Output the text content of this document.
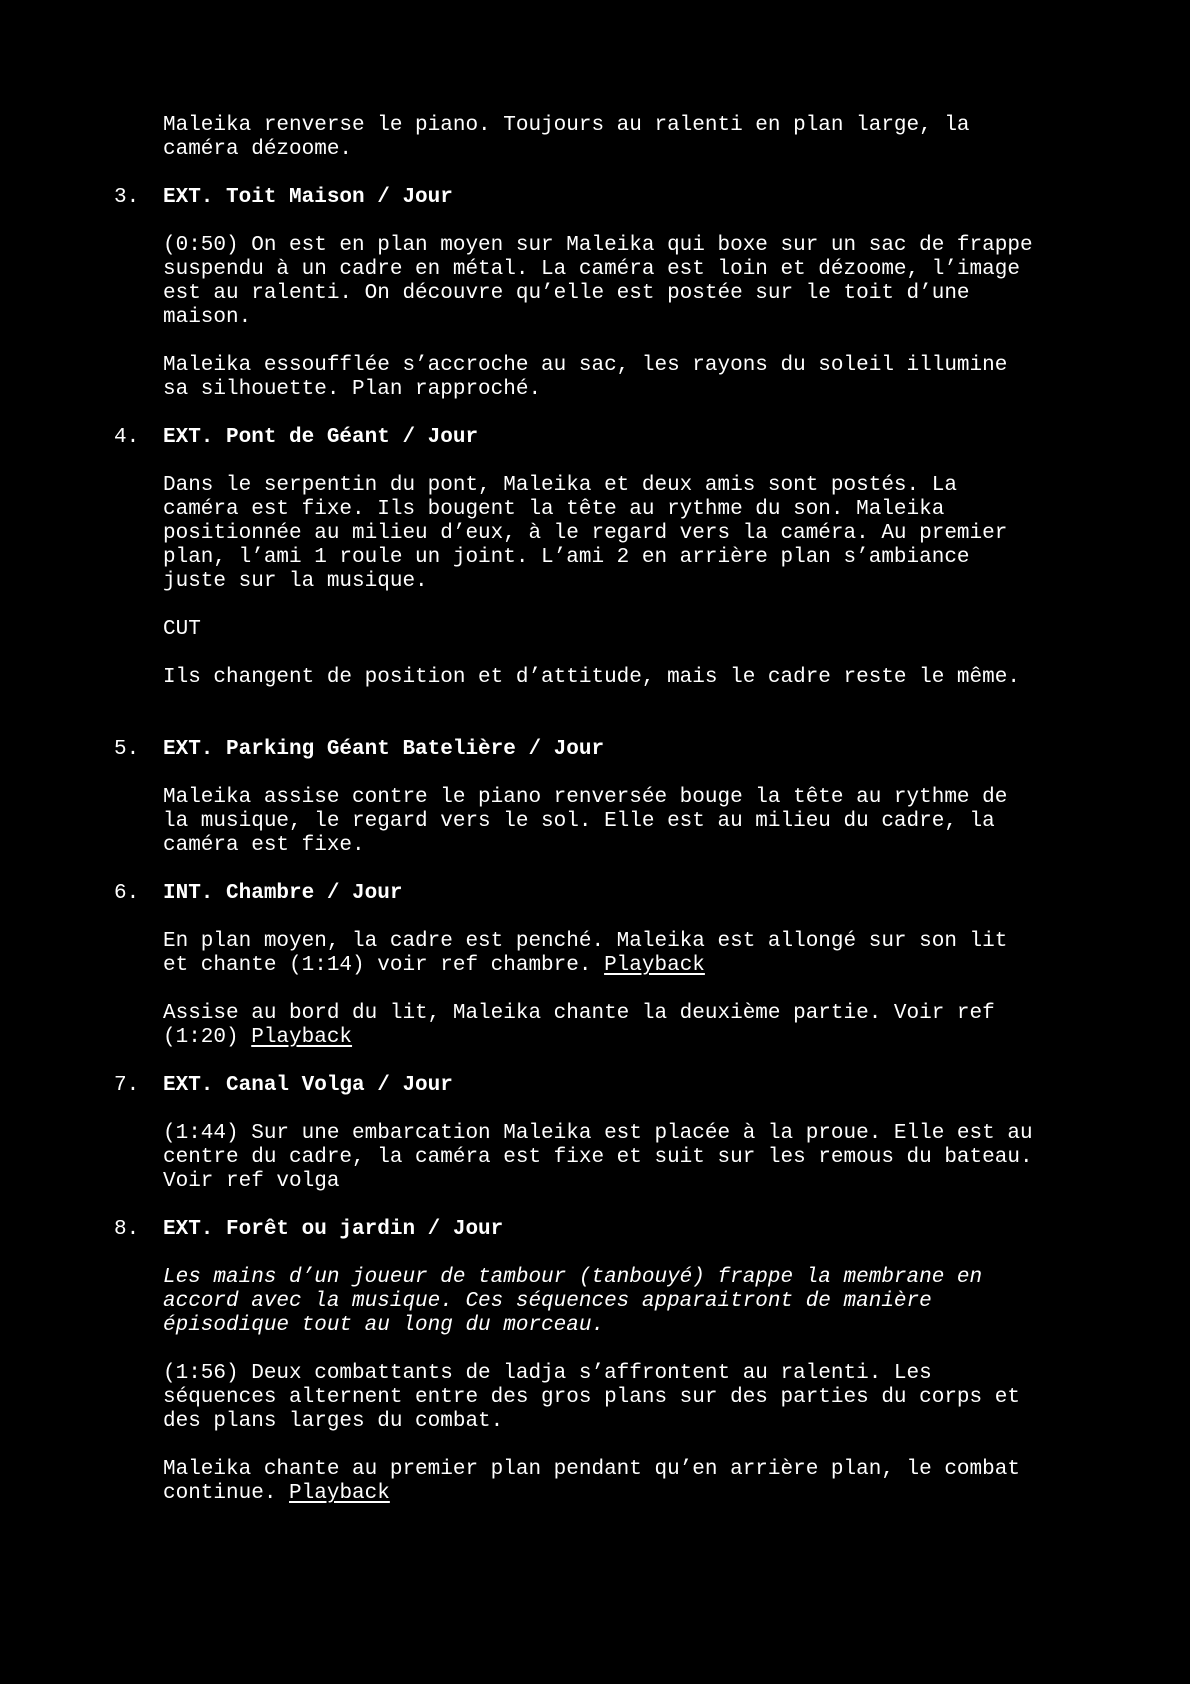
Maleika renverse le piano. Toujours au ralenti en plan large, la
caméra dézoome.

3. EXT. Toit Maison / Jour

(0:50) On est en plan moyen sur Maleika qui boxe sur un sac de frappe
suspendu à un cadre en métal. La caméra est loin et dézoome, l’image
est au ralenti. On découvre qu’elle est postée sur le toit d’une
maison.

Maleika essoufflée s’accroche au sac, les rayons du soleil illumine
sa silhouette. Plan rapproché.

4. EXT. Pont de Géant / Jour

Dans le serpentin du pont, Maleika et deux amis sont postés. La
caméra est fixe. Ils bougent la tête au rythme du son. Maleika
positionnée au milieu d’eux, à le regard vers la caméra. Au premier
plan, l’ami 1 roule un joint. L’ami 2 en arrière plan s’ambiance
juste sur la musique.

CUT

Ils changent de position et d’attitude, mais le cadre reste le même.

5. EXT. Parking Géant Batelière / Jour

Maleika assise contre le piano renversée bouge la tête au rythme de
la musique, le regard vers le sol. Elle est au milieu du cadre, la
caméra est fixe.

6. INT. Chambre / Jour

En plan moyen, la cadre est penché. Maleika est allongé sur son lit
et chante (1:14) voir ref chambre. Playback

Assise au bord du lit, Maleika chante la deuxième partie. Voir ref
(1:20) Playback

7. EXT. Canal Volga / Jour

(1:44) Sur une embarcation Maleika est placée à la proue. Elle est au
centre du cadre, la caméra est fixe et suit sur les remous du bateau.
Voir ref volga

8. EXT. Forêt ou jardin / Jour

Les mains d’un joueur de tambour (tanbouyé) frappe la membrane en
accord avec la musique. Ces séquences apparaitront de manière
épisodique tout au long du morceau.

(1:56) Deux combattants de ladja s’affrontent au ralenti. Les
séquences alternent entre des gros plans sur des parties du corps et
des plans larges du combat.

Maleika chante au premier plan pendant qu’en arrière plan, le combat
continue. Playback
